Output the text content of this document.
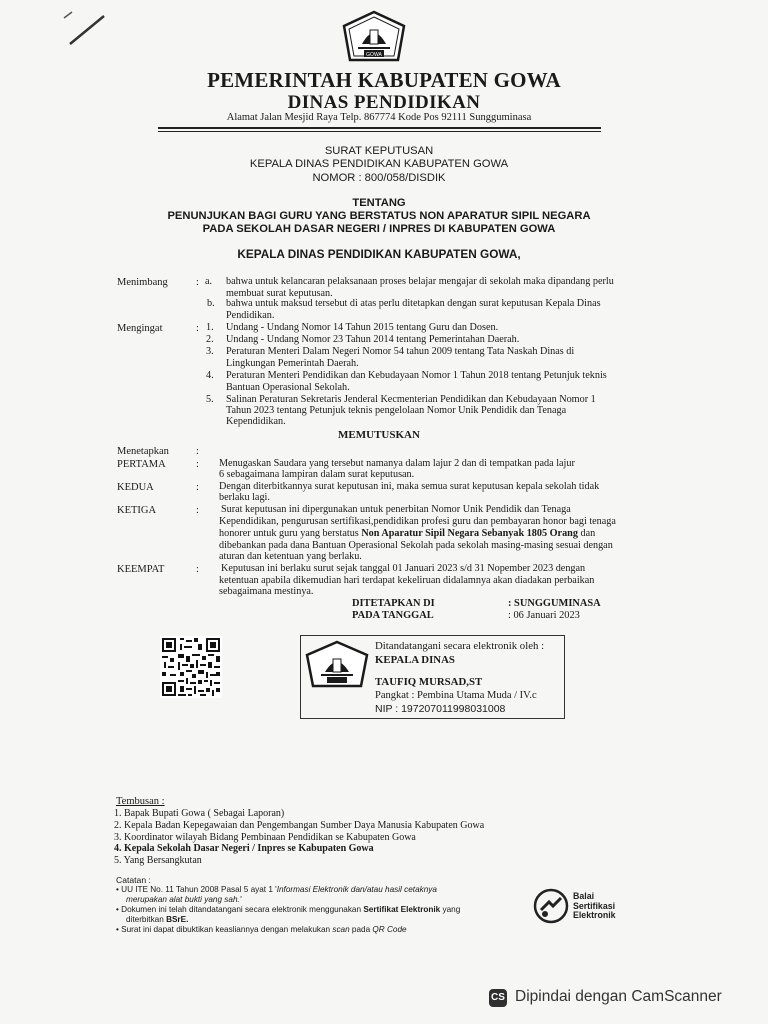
GOWA
PEMERINTAH KABUPATEN GOWA
DINAS PENDIDIKAN
Alamat Jalan Mesjid Raya Telp. 867774 Kode Pos 92111 Sungguminasa
SURAT KEPUTUSAN
KEPALA DINAS PENDIDIKAN KABUPATEN GOWA
NOMOR : 800/058/DISDIK
TENTANG
PENUNJUKAN BAGI GURU YANG BERSTATUS NON APARATUR SIPIL NEGARA
PADA SEKOLAH DASAR NEGERI / INPRES DI KABUPATEN GOWA
KEPALA DINAS PENDIDIKAN KABUPATEN GOWA,
Menimbang	: a. bahwa untuk kelancaran pelaksanaan proses belajar mengajar di sekolah maka dipandang perlu
membuat surat keputusan.
b. bahwa untuk maksud tersebut di atas perlu ditetapkan dengan surat keputusan Kepala Dinas
Pendidikan.
Mengingat	: 1. Undang - Undang Nomor 14 Tahun 2015 tentang Guru dan Dosen.
2. Undang - Undang Nomor 23 Tahun 2014 tentang Pemerintahan Daerah.
3. Peraturan Menteri Dalam Negeri Nomor 54 tahun 2009 tentang Tata Naskah Dinas di
Lingkungan Pemerintah Daerah.
4. Peraturan Menteri Pendidikan dan Kebudayaan Nomor 1 Tahun 2018 tentang Petunjuk teknis
Bantuan Operasional Sekolah.
5. Salinan Peraturan Sekretaris Jenderal Kecmenterian Pendidikan dan Kebudayaan Nomor 1
Tahun 2023 tentang Petunjuk teknis pengelolaan Nomor Unik Pendidik dan Tenaga
Kependidikan.
MEMUTUSKAN
Menetapkan	:
PERTAMA	: Menugaskan Saudara yang tersebut namanya dalam lajur 2 dan di tempatkan pada lajur
6 sebagaimana lampiran dalam surat keputusan.
KEDUA	: Dengan diterbitkannya surat keputusan ini, maka semua surat keputusan kepala sekolah tidak
berlaku lagi.
KETIGA	: Surat keputusan ini dipergunakan untuk penerbitan Nomor Unik Pendidik dan Tenaga
Kependidikan, pengurusan sertifikasi,pendidikan profesi guru dan pembayaran honor bagi tenaga
honorer untuk guru yang berstatus Non Aparatur Sipil Negara Sebanyak 1805 Orang dan
dibebankan pada dana Bantuan Operasional Sekolah pada sekolah masing-masing sesuai dengan
aturan dan ketentuan yang berlaku.
KEEMPAT	: Keputusan ini berlaku surut sejak tanggal 01 Januari 2023 s/d 31 Nopember 2023 dengan
ketentuan apabila dikemudian hari terdapat kekeliruan didalamnya akan diadakan perbaikan
sebagaimana mestinya.
DITETAPKAN DI	: SUNGGUMINASA
PADA TANGGAL	: 06 Januari 2023
Ditandatangani secara elektronik oleh :
KEPALA DINAS
TAUFIQ MURSAD,ST
Pangkat : Pembina Utama Muda / IV.c
NIP : 197207011998031008
Tembusan :
1. Bapak Bupati Gowa ( Sebagai Laporan)
2. Kepala Badan Kepegawaian dan Pengembangan Sumber Daya Manusia Kabupaten Gowa
3. Koordinator wilayah Bidang Pembinaan Pendidikan se Kabupaten Gowa
4. Kepala Sekolah Dasar Negeri / Inpres se Kabupaten Gowa
5. Yang Bersangkutan
Catatan :
• UU ITE No. 11 Tahun 2008 Pasal 5 ayat 1 'Informasi Elektronik dan/atau hasil cetaknya
merupakan alat bukti yang sah.'
• Dokumen ini telah ditandatangani secara elektronik menggunakan Sertifikat Elektronik yang
diterbitkan BSrE.
• Surat ini dapat dibuktikan keasliannya dengan melakukan scan pada QR Code
Balai
Sertifikasi
Elektronik
CS Dipindai dengan CamScanner
